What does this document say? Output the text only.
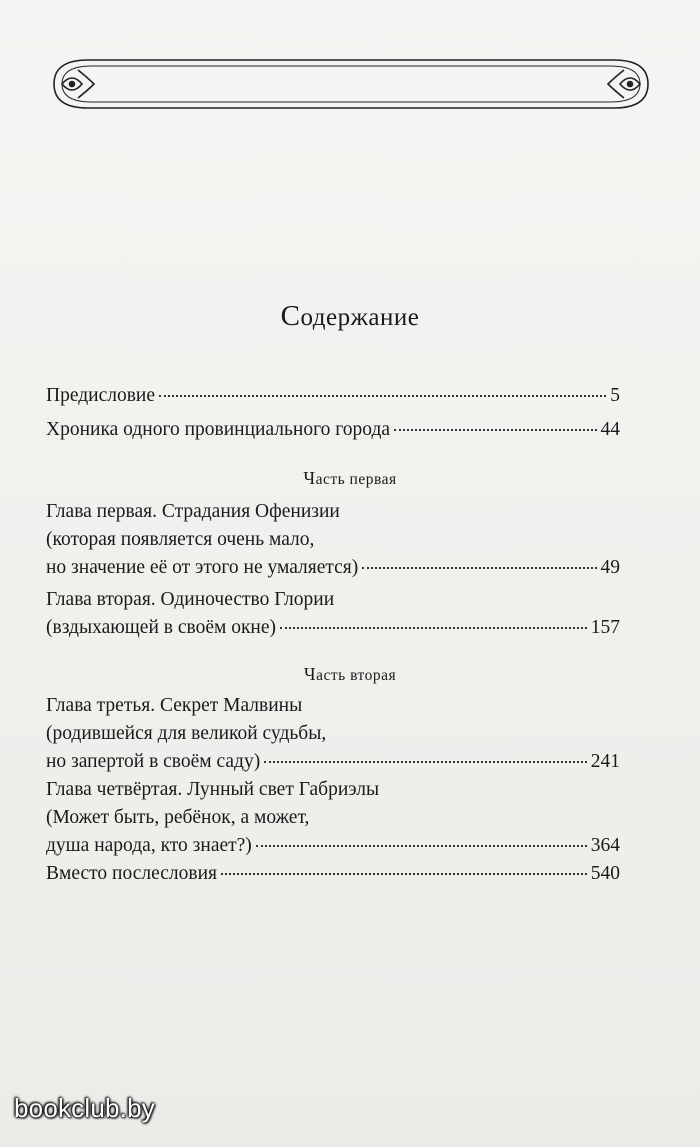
Содержание
Предисловие	5
Хроника одного провинциального города	44
Часть первая
Глава первая. Страдания Офенизии
(которая появляется очень мало,
но значение её от этого не умаляется)	49
Глава вторая. Одиночество Глории
(вздыхающей в своём окне)	157
Часть вторая
Глава третья. Секрет Малвины
(родившейся для великой судьбы,
но запертой в своём саду)	241
Глава четвёртая. Лунный свет Габриэлы
(Может быть, ребёнок, а может,
душа народа, кто знает?)	364
Вместо послесловия	540
bookclub.by
